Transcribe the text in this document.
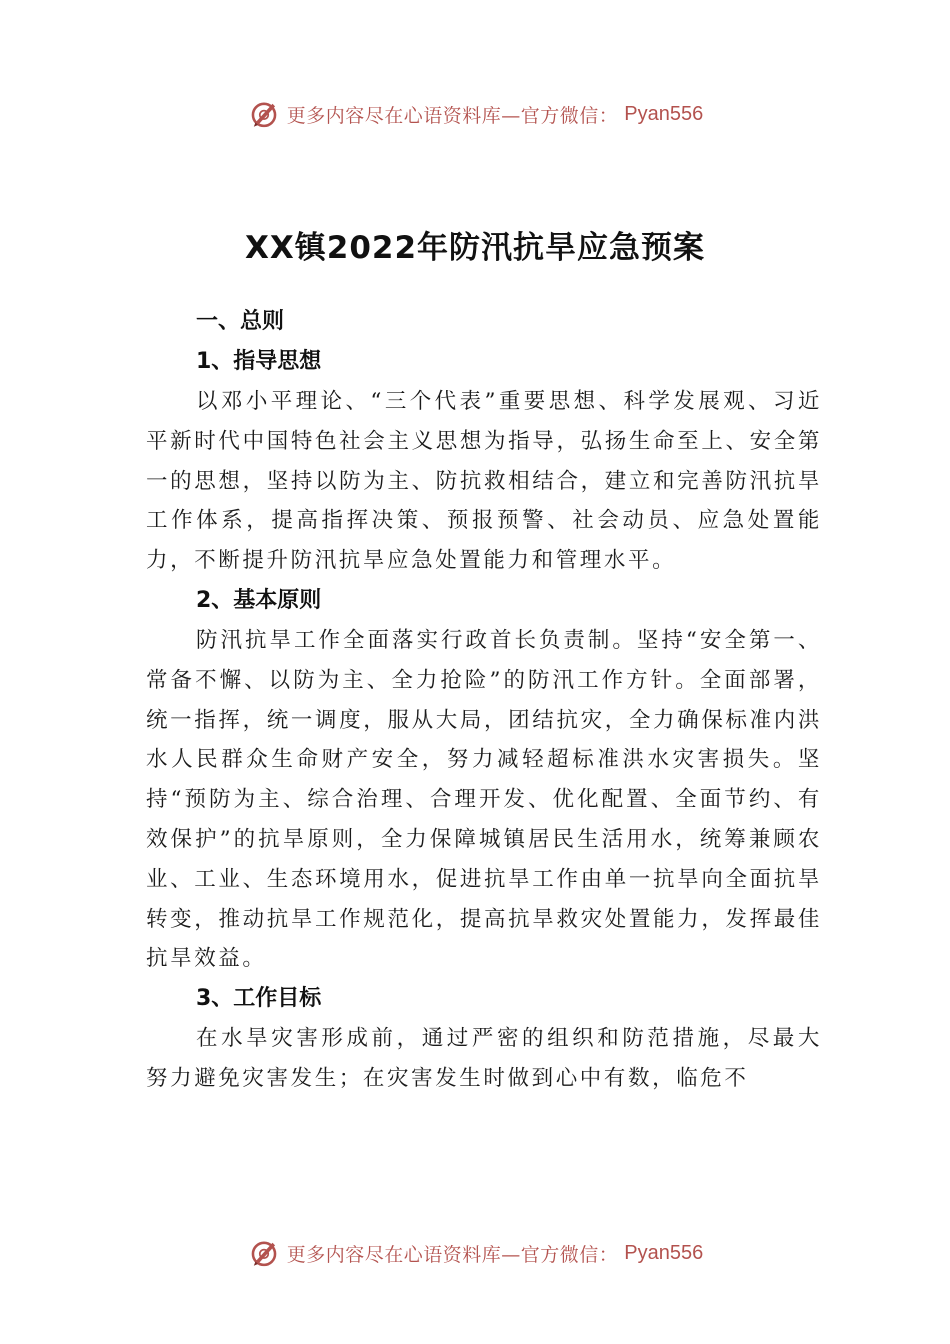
更多内容尽在心语资料库—官方微信： Pyan556
XX镇2022年防汛抗旱应急预案

一、总则

1、指导思想

以邓小平理论、“三个代表”重要思想、科学发展观、习近平新时代中国特色社会主义思想为指导，弘扬生命至上、安全第一的思想，坚持以防为主、防抗救相结合，建立和完善防汛抗旱工作体系，提高指挥决策、预报预警、社会动员、应急处置能力，不断提升防汛抗旱应急处置能力和管理水平。

2、基本原则

防汛抗旱工作全面落实行政首长负责制。坚持“安全第一、常备不懈、以防为主、全力抢险”的防汛工作方针。全面部署，统一指挥，统一调度，服从大局，团结抗灾，全力确保标准内洪水人民群众生命财产安全，努力减轻超标准洪水灾害损失。坚持“预防为主、综合治理、合理开发、优化配置、全面节约、有效保护”的抗旱原则，全力保障城镇居民生活用水，统筹兼顾农业、工业、生态环境用水，促进抗旱工作由单一抗旱向全面抗旱转变，推动抗旱工作规范化，提高抗旱救灾处置能力，发挥最佳抗旱效益。

3、工作目标

在水旱灾害形成前，通过严密的组织和防范措施，尽最大努力避免灾害发生；在灾害发生时做到心中有数，临危不

更多内容尽在心语资料库—官方微信： Pyan556
